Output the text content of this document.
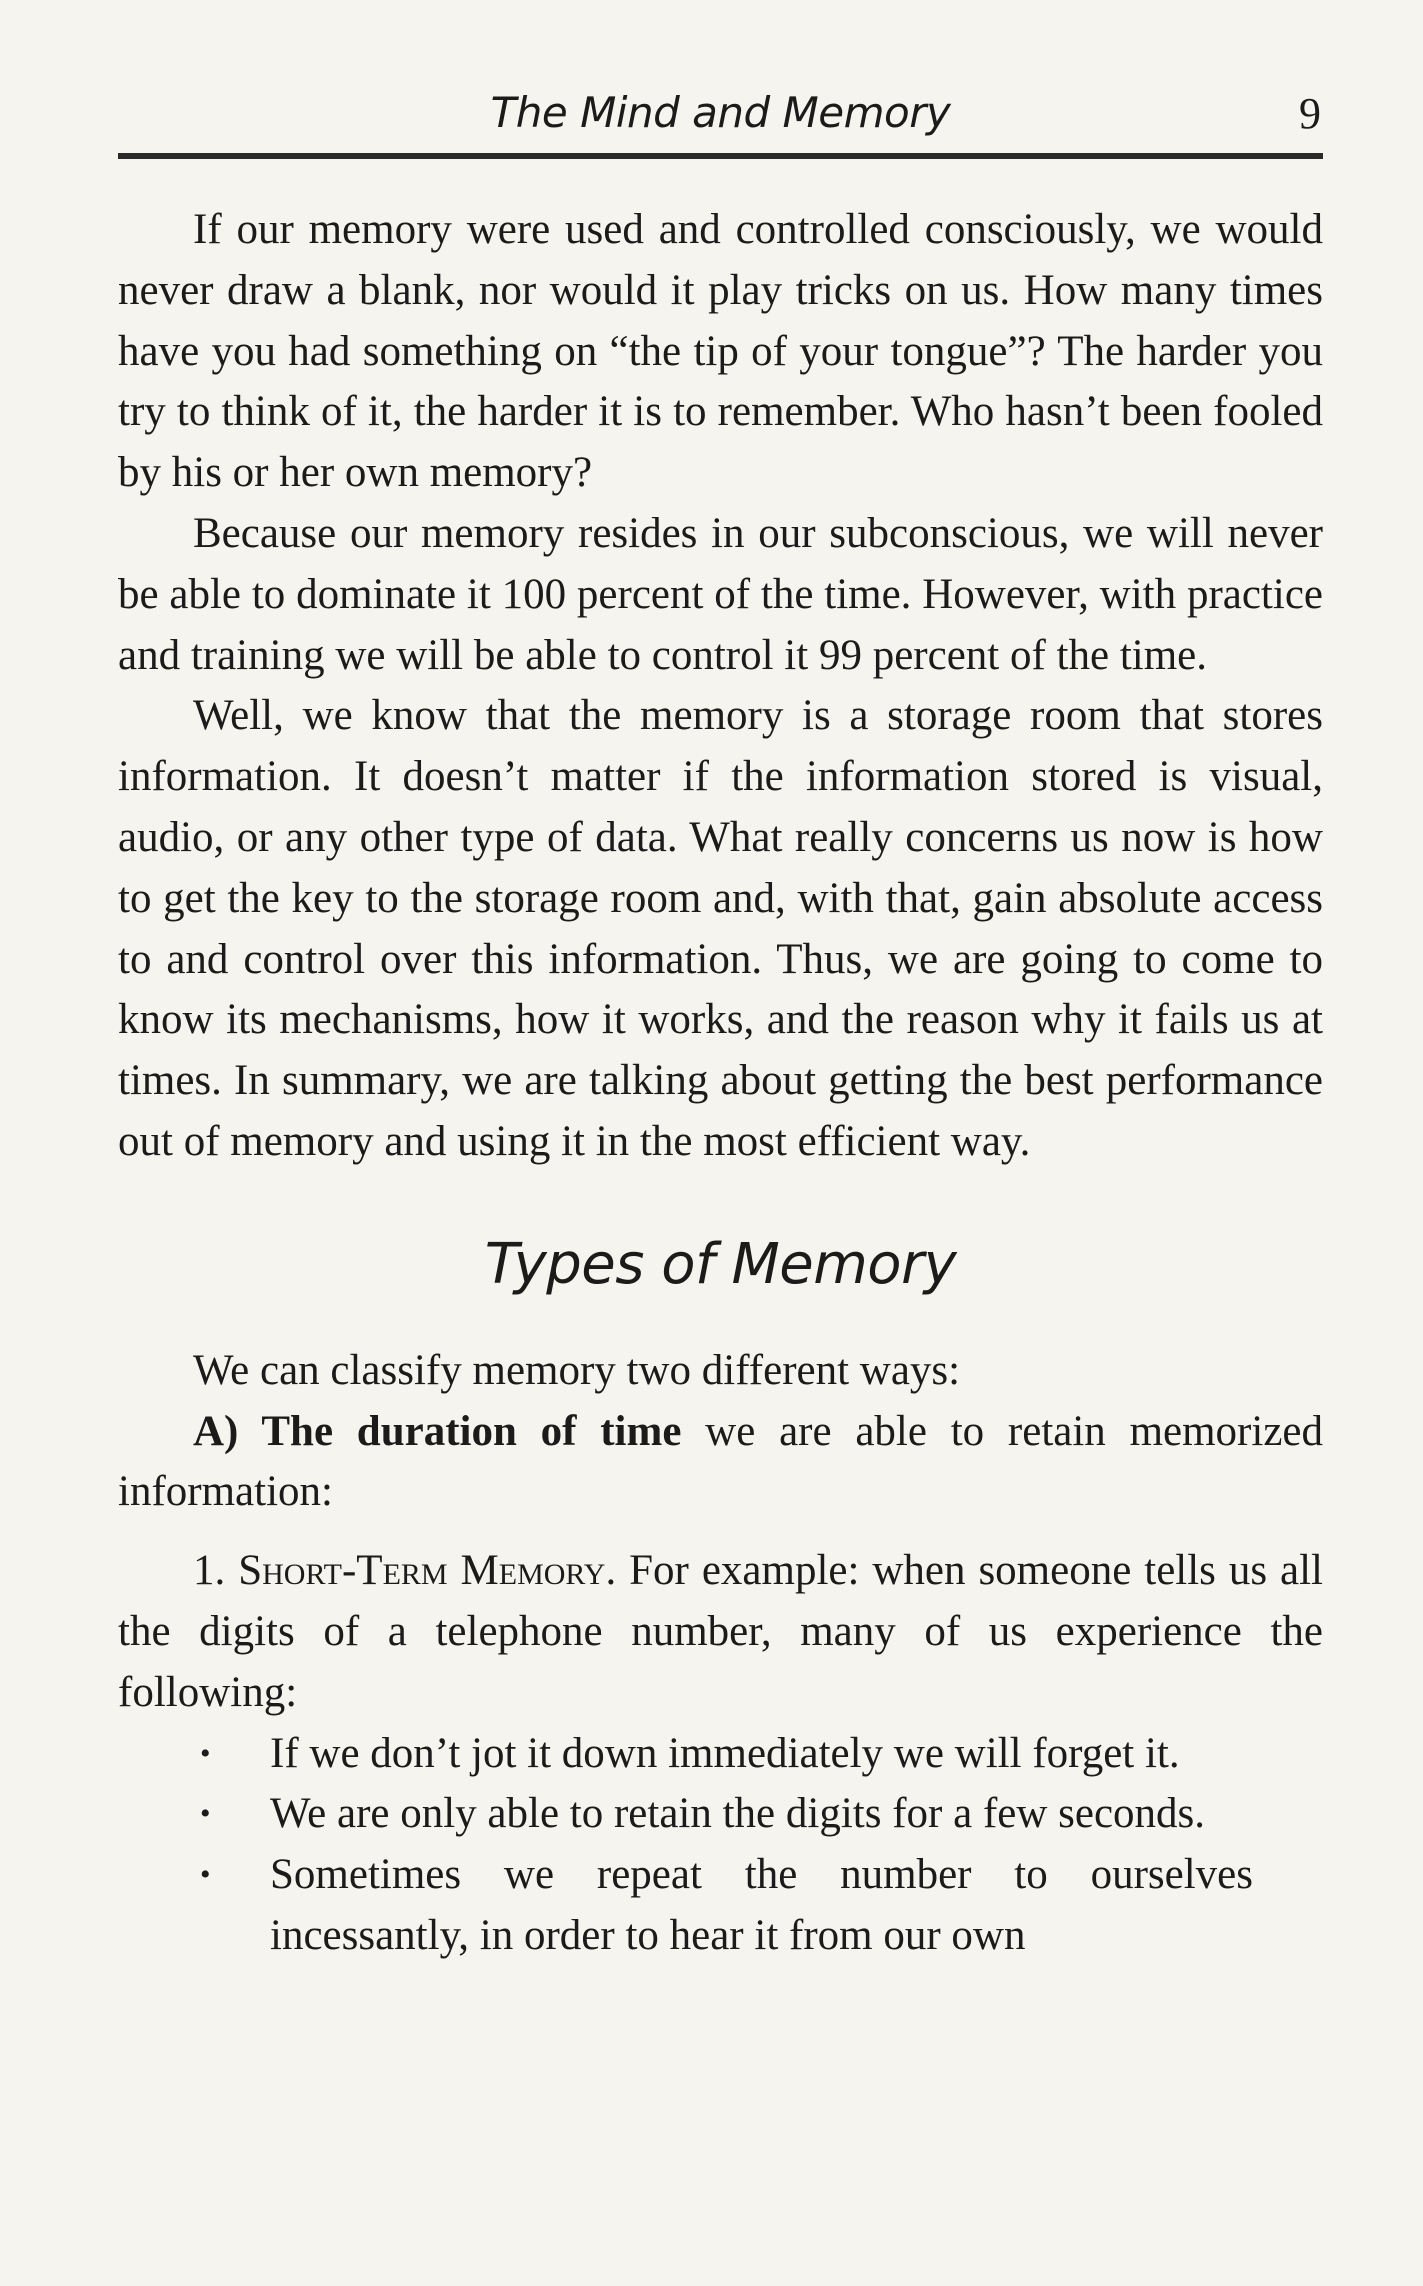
The Mind and Memory	9

If our memory were used and controlled consciously, we would never draw a blank, nor would it play tricks on us. How many times have you had something on “the tip of your tongue”? The harder you try to think of it, the harder it is to remember. Who hasn’t been fooled by his or her own memory?

Because our memory resides in our subconscious, we will never be able to dominate it 100 percent of the time. However, with practice and training we will be able to control it 99 percent of the time.

Well, we know that the memory is a storage room that stores information. It doesn’t matter if the information stored is visual, audio, or any other type of data. What really concerns us now is how to get the key to the storage room and, with that, gain absolute access to and control over this information. Thus, we are going to come to know its mechanisms, how it works, and the reason why it fails us at times. In summary, we are talking about getting the best performance out of memory and using it in the most efficient way.

Types of Memory

We can classify memory two different ways:

A) The duration of time we are able to retain memorized information:

1. Short-Term Memory. For example: when someone tells us all the digits of a telephone number, many of us experience the following:

• If we don’t jot it down immediately we will forget it.
• We are only able to retain the digits for a few seconds.
• Sometimes we repeat the number to ourselves incessantly, in order to hear it from our own
